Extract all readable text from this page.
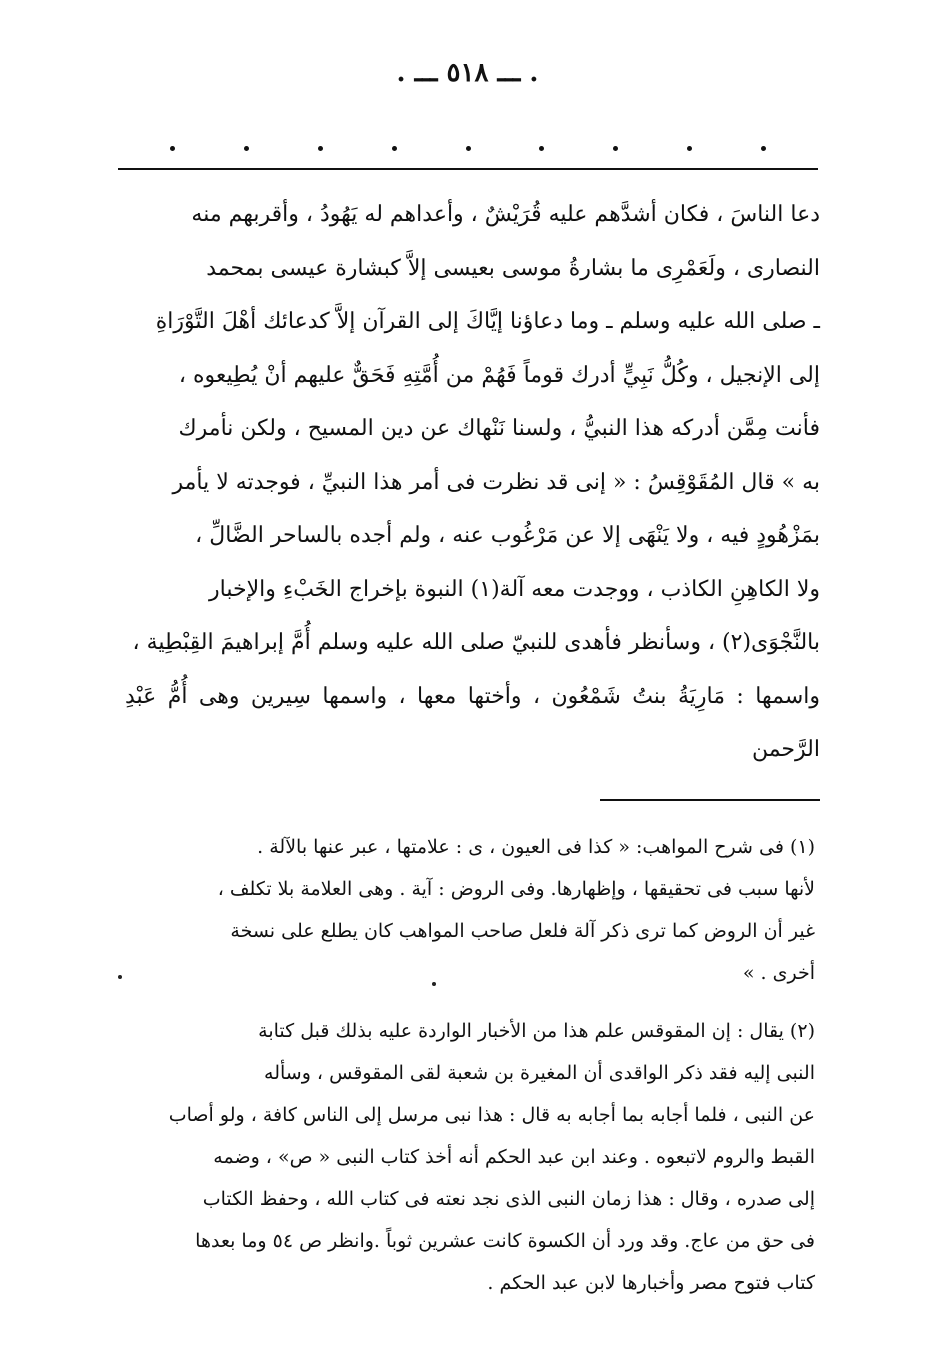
. ـــ ٥١٨ ـــ .

دعا الناسَ ، فكان أشدَّهم عليه قُرَيْشٌ ، وأعداهم له يَهُودُ ، وأقربهم منه

النصارى ، ولَعَمْرِى ما بشارةُ موسى بعيسى إلاَّ كبشارة عيسى بمحمد

ـ صلى الله عليه وسلم ـ وما دعاؤنا إيَّاكَ إلى القرآن إلاَّ كدعائك أهْلَ التَّوْرَاةِ

إلى الإنجيل ، وكُلُّ نَبِيٍّ أدرك قوماً فَهُمْ من أُمَّتِهِ فَحَقٌّ عليهم أنْ يُطِيعوه ،

فأنت مِمَّن أدركه هذا النبيُّ ، ولسنا نَنْهاك عن دين المسيح ، ولكن نأمرك

به » قال المُقَوْقِسُ : « إنى قد نظرت فى أمر هذا النبيِّ ، فوجدته لا يأمر

بمَزْهُودٍ فيه ، ولا يَنْهَى إلا عن مَرْغُوب عنه ، ولم أجده بالساحر الضَّالِّ ،

ولا الكاهِنِ الكاذب ، ووجدت معه آلة(١) النبوة بإخراج الخَبْءِ والإخبار

بالنَّجْوَى(٢) ، وسأنظر فأهدى للنبيّ صلى الله عليه وسلم أُمَّ إبراهيمَ القِبْطِية ،

واسمها : مَارِيَةُ بنتُ شَمْعُون ، وأختها معها ، واسمها سِيرين وهى أُمُّ عَبْدِ الرَّحمن

(١) فى شرح المواهب: « كذا فى العيون ، ى : علامتها ، عبر عنها بالآلة .

لأنها سبب فى تحقيقها ، وإظهارها. وفى الروض : آية . وهى العلامة بلا تكلف ،

غير أن الروض كما ترى ذكر آلة فلعل صاحب المواهب كان يطلع على نسخة

أخرى . »

(٢) يقال : إن المقوقس علم هذا من الأخبار الواردة عليه بذلك قبل كتابة

النبى إليه فقد ذكر الواقدى أن المغيرة بن شعبة لقى المقوقس ، وسأله

عن النبى ، فلما أجابه بما أجابه به قال : هذا نبى مرسل إلى الناس كافة ، ولو أصاب

القبط والروم لاتبعوه . وعند ابن عبد الحكم أنه أخذ كتاب النبى « ص» ، وضمه

إلى صدره ، وقال : هذا زمان النبى الذى نجد نعته فى كتاب الله ، وحفظ الكتاب

فى حق من عاج. وقد ورد أن الكسوة كانت عشرين ثوباً .وانظر ص ٥٤ وما بعدها

كتاب فتوح مصر وأخبارها لابن عبد الحكم .
